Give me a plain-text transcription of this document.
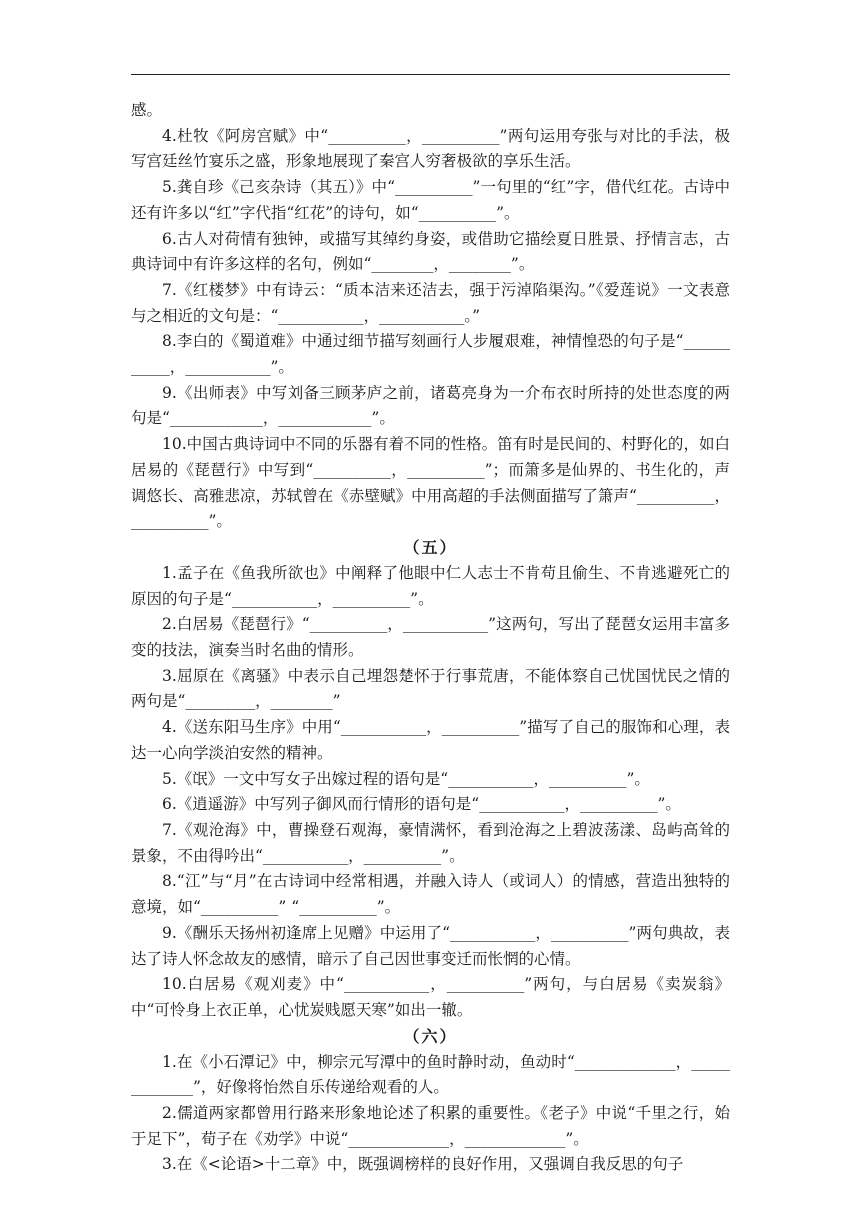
感。

4.杜牧《阿房宫赋》中“__________，__________”两句运用夸张与对比的手法，极写宫廷丝竹宴乐之盛，形象地展现了秦宫人穷奢极欲的享乐生活。

5.龚自珍《己亥杂诗（其五）》中“__________”一句里的“红”字，借代红花。古诗中还有许多以“红”字代指“红花”的诗句，如“__________”。

6.古人对荷情有独钟，或描写其绰约身姿，或借助它描绘夏日胜景、抒情言志，古典诗词中有许多这样的名句，例如“________，________”。

7.《红楼梦》中有诗云：“质本洁来还洁去，强于污淖陷渠沟。”《爱莲说》一文表意与之相近的文句是：“___________，___________。”

8.李白的《蜀道难》中通过细节描写刻画行人步履艰难，神情惶恐的句子是“___________，___________”。

9.《出师表》中写刘备三顾茅庐之前，诸葛亮身为一介布衣时所持的处世态度的两句是“____________，____________”。

10.中国古典诗词中不同的乐器有着不同的性格。笛有时是民间的、村野化的，如白居易的《琵琶行》中写到“__________，__________”；而箫多是仙界的、书生化的，声调悠长、高雅悲凉，苏轼曾在《赤壁赋》中用高超的手法侧面描写了箫声“__________， __________”。

（五）

1.孟子在《鱼我所欲也》中阐释了他眼中仁人志士不肯苟且偷生、不肯逃避死亡的原因的句子是“___________，__________”。

2.白居易《琵琶行》“__________，___________”这两句，写出了琵琶女运用丰富多变的技法，演奏当时名曲的情形。

3.屈原在《离骚》中表示自己埋怨楚怀于行事荒唐，不能体察自己忧国忧民之情的两句是“_________，________”

4.《送东阳马生序》中用“___________，__________”描写了自己的服饰和心理，表达一心向学淡泊安然的精神。

5.《氓》一文中写女子出嫁过程的语句是“___________，__________”。

6.《逍遥游》中写列子御风而行情形的语句是“___________，__________”。

7.《观沧海》中，曹操登石观海，豪情满怀，看到沧海之上碧波荡漾、岛屿高耸的景象，不由得吟出“___________，__________”。

8.“江”与“月”在古诗词中经常相遇，并融入诗人（或词人）的情感，营造出独特的意境，如“__________” “__________”。

9.《酬乐天扬州初逢席上见赠》中运用了“___________，__________”两句典故，表达了诗人怀念故友的感情，暗示了自己因世事变迁而怅惘的心情。

10.白居易《观刈麦》中“___________，__________”两句，与白居易《卖炭翁》中“可怜身上衣正单，心忧炭贱愿天寒”如出一辙。

（六）

1.在《小石潭记》中，柳宗元写潭中的鱼时静时动，鱼动时“_____________，_____________”，好像将怡然自乐传递给观看的人。

2.儒道两家都曾用行路来形象地论述了积累的重要性。《老子》中说“千里之行，始于足下”，荀子在《劝学》中说“_____________，_____________”。

3.在《<论语>十二章》中，既强调榜样的良好作用，又强调自我反思的句子
